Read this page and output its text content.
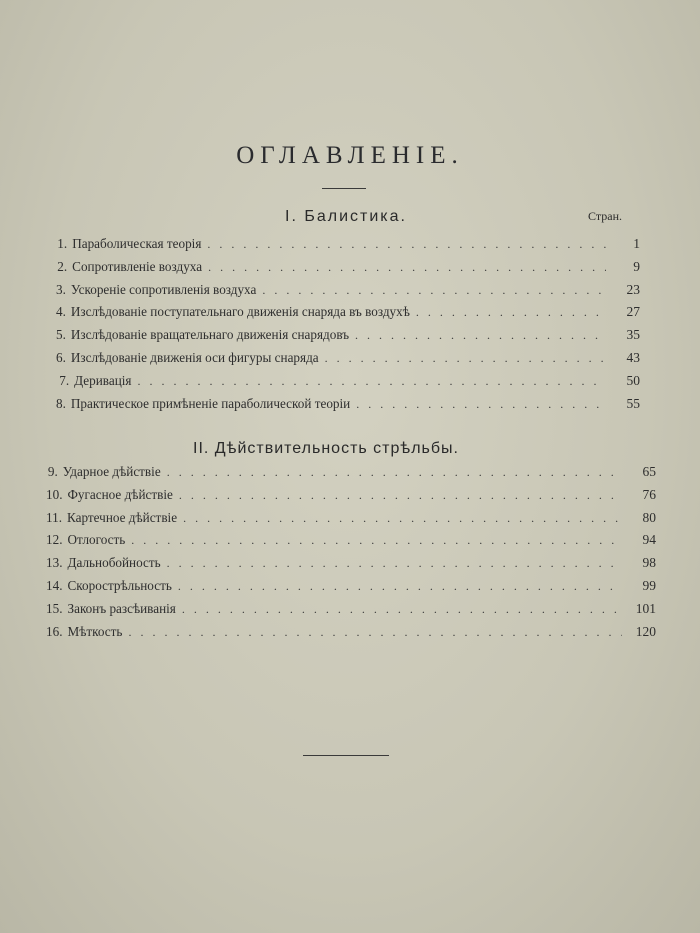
ОГЛАВЛЕНІЕ.
I. Балистика.	Стран.
1. Параболическая теорія . . .	1
2. Сопротивленіе воздуха . . .	9
3. Ускореніе сопротивленія воздуха . . .	23
4. Изслѣдованіе поступательнаго движенія снаряда въ воздухѣ . . .	27
5. Изслѣдованіе вращательнаго движенія снарядовъ . . .	35
6. Изслѣдованіе движенія оси фигуры снаряда . . .	43
7. Деривація . . .	50
8. Практическое примѣненіе параболической теоріи . . .	55
II. Дѣйствительность стрѣльбы.
9. Ударное дѣйствіе . . .	65
10. Фугасное дѣйствіе . . .	76
11. Картечное дѣйствіе . . .	80
12. Отлогость . . .	94
13. Дальнобойность . . .	98
14. Скорострѣльность . . .	99
15. Законъ разсѣиванія . . .	101
16. Мѣткость . . .	120
